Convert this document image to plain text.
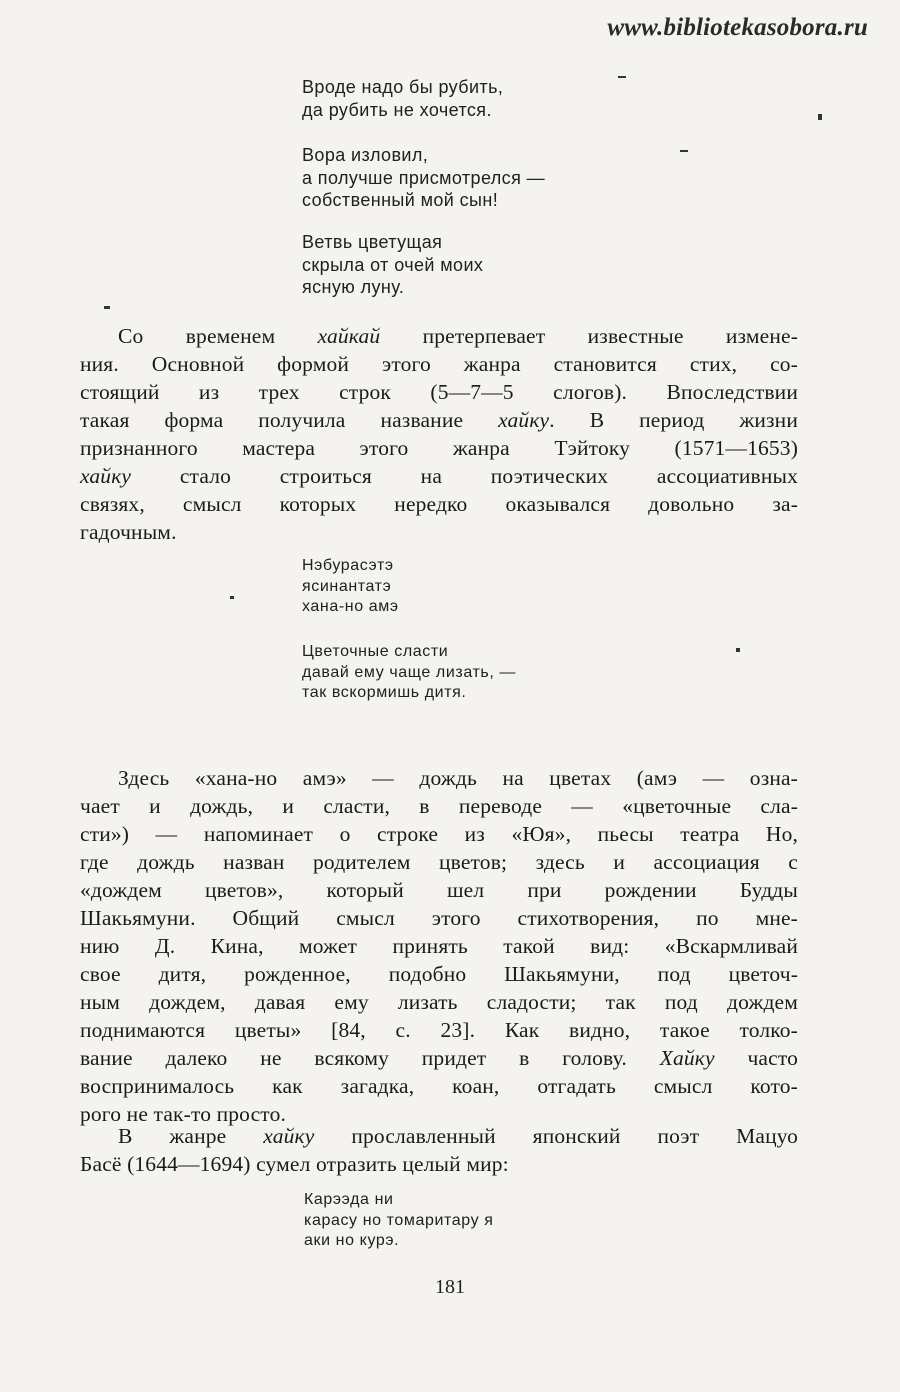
www.bibliotekasobora.ru
Вроде надо бы рубить,
да рубить не хочется.
Вора изловил,
а получше присмотрелся —
собственный мой сын!
Ветвь цветущая
скрыла от очей моих
ясную луну.
Со временем хайкай претерпевает известные измене-
ния. Основной формой этого жанра становится стих, со-
стоящий из трех строк (5—7—5 слогов). Впоследствии
такая форма получила название хайку. В период жизни
признанного мастера этого жанра Тэйтоку (1571—1653)
хайку стало строиться на поэтических ассоциативных
связях, смысл которых нередко оказывался довольно за-
гадочным.
Нэбурасэтэ
ясинантатэ
хана-но амэ
Цветочные сласти
давай ему чаще лизать, —
так вскормишь дитя.
Здесь «хана-но амэ» — дождь на цветах (амэ — озна-
чает и дождь, и сласти, в переводе — «цветочные сла-
сти») — напоминает о строке из «Юя», пьесы театра Но,
где дождь назван родителем цветов; здесь и ассоциация с
«дождем цветов», который шел при рождении Будды
Шакьямуни. Общий смысл этого стихотворения, по мне-
нию Д. Кина, может принять такой вид: «Вскармливай
свое дитя, рожденное, подобно Шакьямуни, под цветоч-
ным дождем, давая ему лизать сладости; так под дождем
поднимаются цветы» [84, с. 23]. Как видно, такое толко-
вание далеко не всякому придет в голову. Хайку часто
воспринималось как загадка, коан, отгадать смысл кото-
рого не так-то просто.
В жанре хайку прославленный японский поэт Мацуо
Басё (1644—1694) сумел отразить целый мир:
Карээда ни
карасу но томаритару я
аки но курэ.
181
